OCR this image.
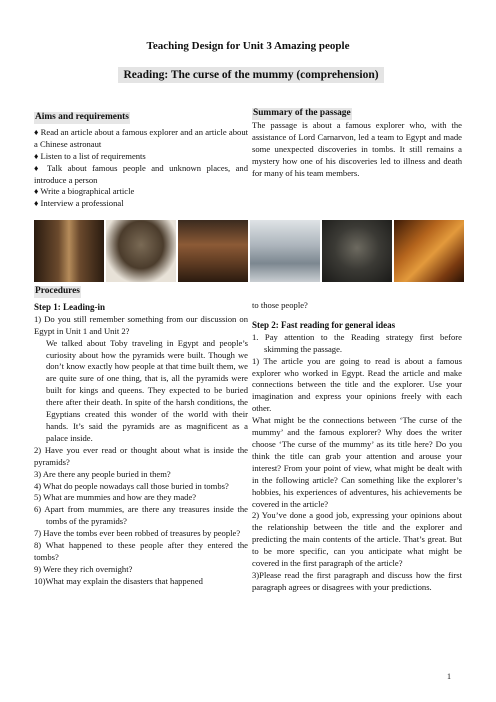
Teaching Design for Unit 3 Amazing people
Reading: The curse of the mummy (comprehension)
Aims and requirements

♦ Read an article about a famous explorer and an article about a Chinese astronaut

♦ Listen to a list of requirements

♦ Talk about famous people and unknown places, and introduce a person

♦ Write a biographical article

♦ Interview a professional

Summary of the passage

The passage is about a famous explorer who, with the assistance of Lord Carnarvon, led a team to Egypt and made some unexpected discoveries in tombs. It still remains a mystery how one of his discoveries led to illness and death for many of his team members.

Procedures

Step 1: Leading-in

1) Do you still remember something from our discussion on Egypt in Unit 1 and Unit 2?

We talked about Toby traveling in Egypt and people’s curiosity about how the pyramids were built. Though we don’t know exactly how people at that time built them, we are quite sure of one thing, that is, all the pyramids were built for kings and queens. They expected to be buried there after their death. In spite of the harsh conditions, the Egyptians created this wonder of the world with their hands. It’s said the pyramids are as magnificent as a palace inside.

2) Have you ever read or thought about what is inside the pyramids?

3) Are there any people buried in them?

4) What do people nowadays call those buried in tombs?

5) What are mummies and how are they made?

6) Apart from mummies, are there any treasures inside the tombs of the pyramids?

7) Have the tombs ever been robbed of treasures by people?

8) What happened to these people after they entered the tombs?

9) Were they rich overnight?

10)What may explain the disasters that happened

to those people?

Step 2: Fast reading for general ideas

1. Pay attention to the Reading strategy first before skimming the passage.

1) The article you are going to read is about a famous explorer who worked in Egypt. Read the article and make connections between the title and the explorer. Use your imagination and express your opinions freely with each other.

What might be the connections between ‘The curse of the mummy’ and the famous explorer? Why does the writer choose ‘The curse of the mummy’ as its title here? Do you think the title can grab your attention and arouse your interest? From your point of view, what might be dealt with in the following article? Can something like the explorer’s hobbies, his experiences of adventures, his achievements be covered in the article?

2) You’ve done a good job, expressing your opinions about the relationship between the title and the explorer and predicting the main contents of the article. That’s great. But to be more specific, can you anticipate what might be covered in the first paragraph of the article?

3)Please read the first paragraph and discuss how the first paragraph agrees or disagrees with your predictions.

1
